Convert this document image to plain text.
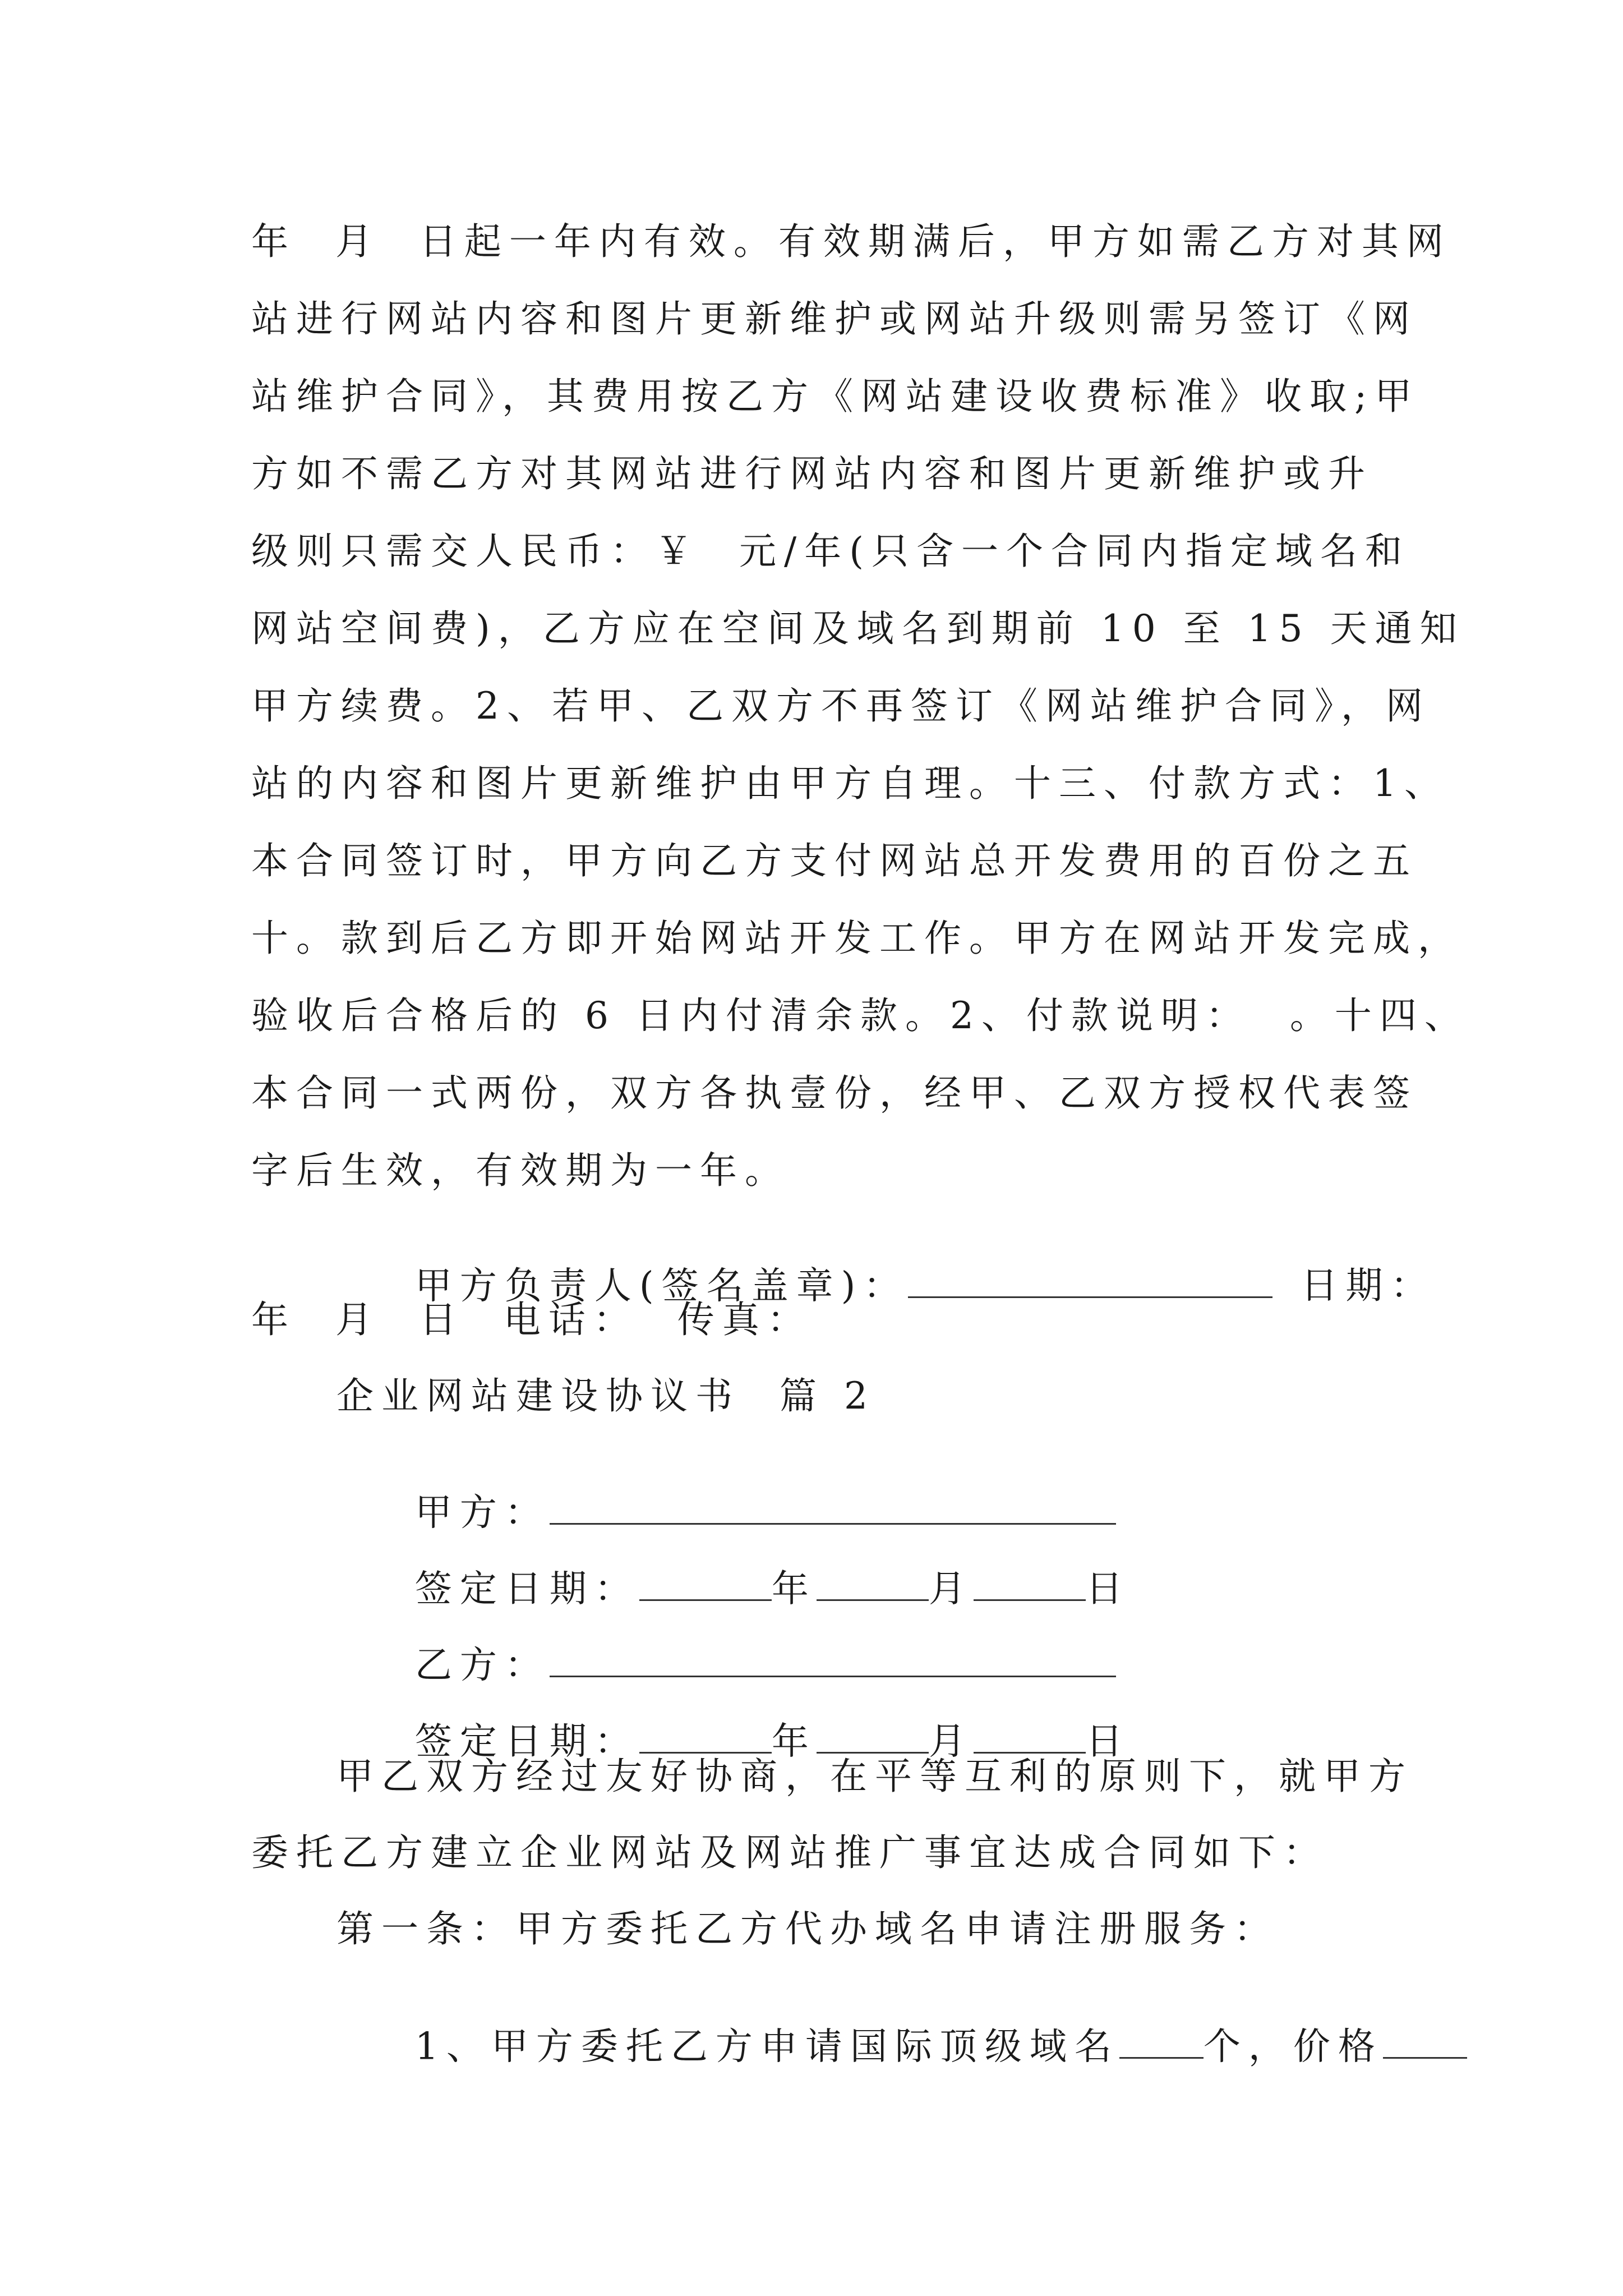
年  月  日起一年内有效。有效期满后，甲方如需乙方对其网
站进行网站内容和图片更新维护或网站升级则需另签订《网
站维护合同》，其费用按乙方《网站建设收费标准》收取;甲
方如不需乙方对其网站进行网站内容和图片更新维护或升
级则只需交人民币：￥  元/年(只含一个合同内指定域名和
网站空间费)，乙方应在空间及域名到期前 10 至 15 天通知
甲方续费。2、若甲、乙双方不再签订《网站维护合同》，网
站的内容和图片更新维护由甲方自理。十三、付款方式：1、
本合同签订时，甲方向乙方支付网站总开发费用的百份之五
十。款到后乙方即开始网站开发工作。甲方在网站开发完成，
验收后合格后的 6 日内付清余款。2、付款说明：  。十四、
本合同一式两份，双方各执壹份，经甲、乙双方授权代表签
字后生效，有效期为一年。

甲方负责人(签名盖章)：	日期：

年  月  日  电话：  传真：
企业网站建设协议书  篇 2

甲方：

签定日期：	年	月	日

乙方：

签定日期：	年	月	日

甲乙双方经过友好协商，在平等互利的原则下，就甲方
委托乙方建立企业网站及网站推广事宜达成合同如下：
第一条：甲方委托乙方代办域名申请注册服务：

1、甲方委托乙方申请国际顶级域名 个，价格
